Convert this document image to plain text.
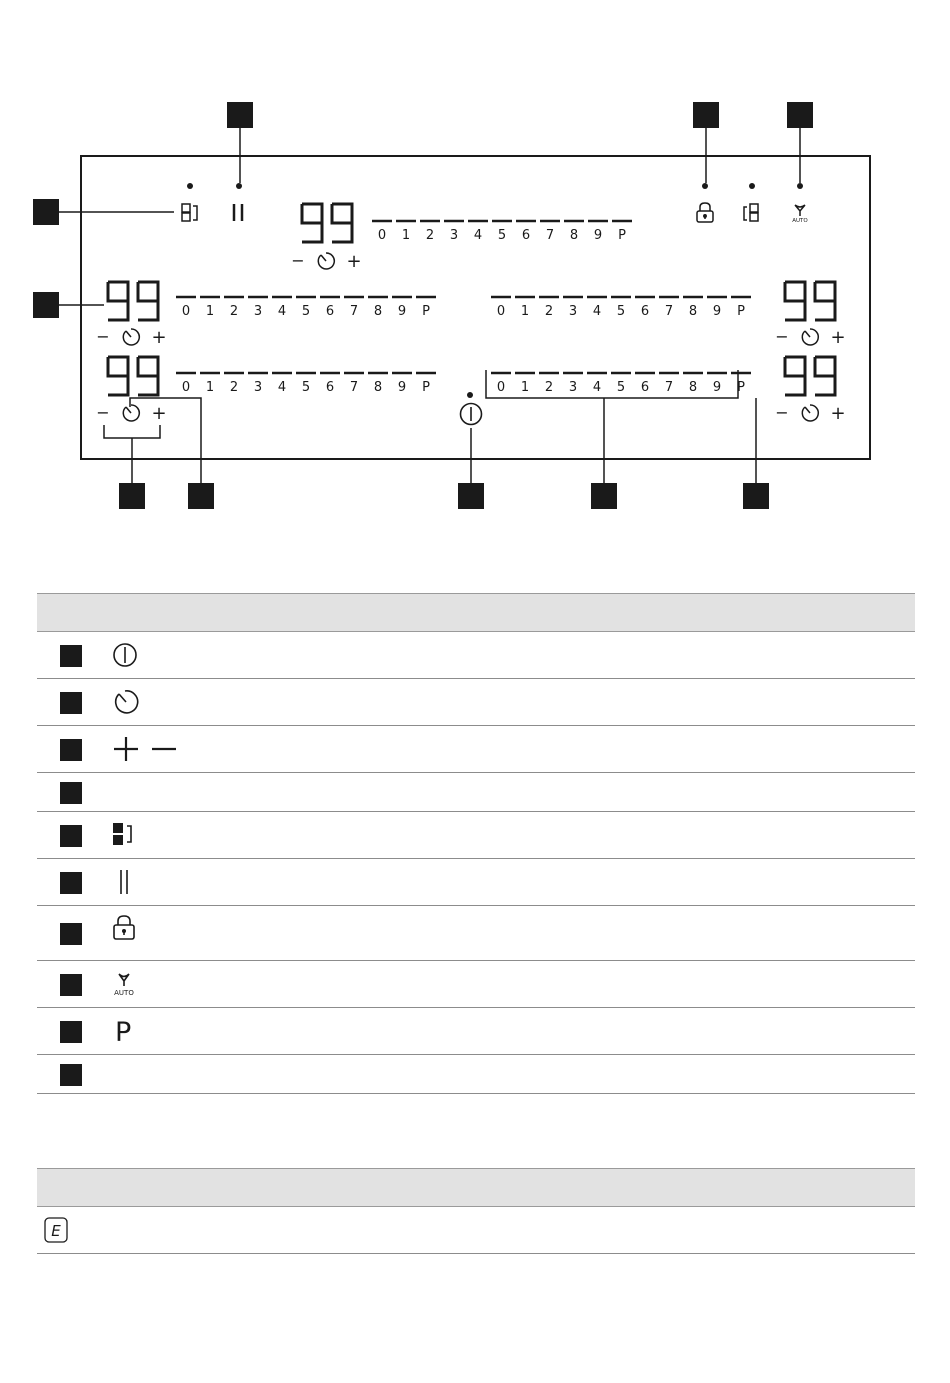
AUTO
0 1 2 3 4 5 6 7 8 9 P
0 1 2 3 4 5 6 7 8 9 P	0 1 2 3 4 5 6 7 8 9 P
0 1 2 3 4 5 6 7 8 9 P	0 1 2 3 4 5 6 7 8 9 P
− +
− +	− +
− +	− +
AUTO
P
E
